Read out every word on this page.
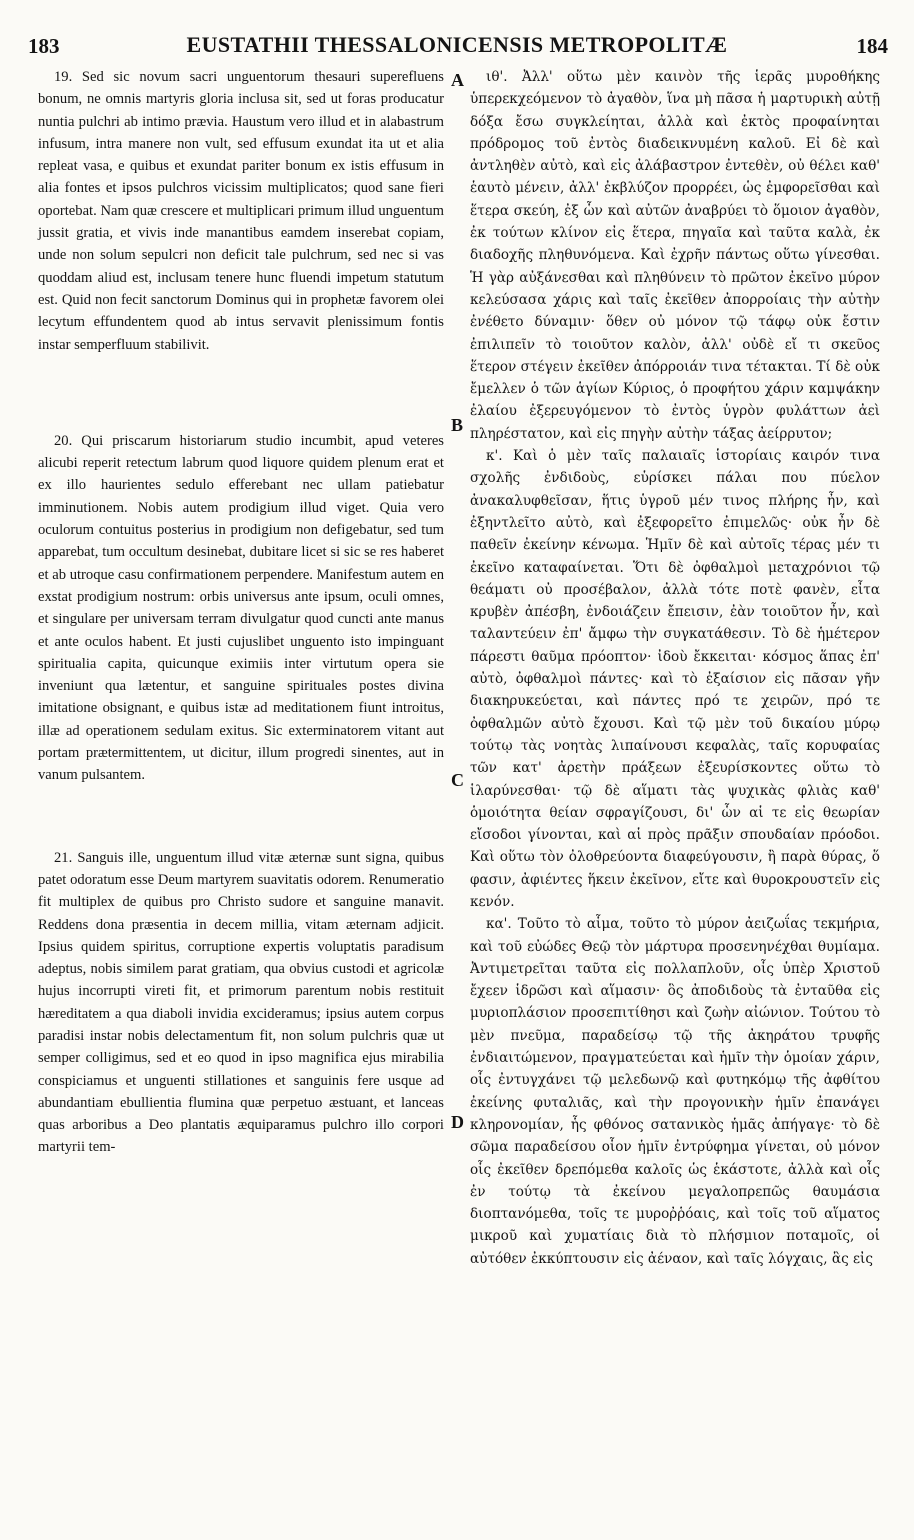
183	EUSTATHII THESSALONICENSIS METROPOLITÆ	184

19. Sed sic novum sacri unguentorum thesauri superefluens bonum, ne omnis martyris gloria inclusa sit, sed ut foras producatur nuntia pulchri ab intimo prævia. Haustum vero illud et in alabastrum infusum, intra manere non vult, sed effusum exundat ita ut et alia repleat vasa, e quibus et exundat pariter bonum ex istis effusum in alia fontes et ipsos pulchros vicissim multiplicatos; quod sane fieri oportebat. Nam quæ crescere et multiplicari primum illud unguentum jussit gratia, et vivis inde manantibus eamdem inserebat copiam, unde non solum sepulcri non deficit tale pulchrum, sed nec si vas quoddam aliud est, inclusam tenere hunc fluendi impetum statutum est. Quid non fecit sanctorum Dominus qui in prophetæ favorem olei lecytum effundentem quod ab intus servavit plenissimum fontis instar semperfluum stabilivit.

20. Qui priscarum historiarum studio incumbit, apud veteres alicubi reperit retectum labrum quod liquore quidem plenum erat et ex illo haurientes sedulo efferebant nec ullam patiebatur imminutionem. Nobis autem prodigium illud viget. Quia vero oculorum contuitus posterius in prodigium non defigebatur, sed tum apparebat, tum occultum desinebat, dubitare licet si sic se res haberet et ab utroque casu confirmationem perpendere. Manifestum autem en exstat prodigium nostrum: orbis universus ante ipsum, oculi omnes, et singulare per universam terram divulgatur quod cuncti ante manus et ante oculos habent. Et justi cujuslibet unguento isto impinguant spiritualia capita, quicunque eximiis inter virtutum opera sie inveniunt qua lætentur, et sanguine spirituales postes divina imitatione obsignant, e quibus istæ ad meditationem fiunt introitus, illæ ad operationem sedulam exitus. Sic exterminatorem vitant aut portam prætermittentem, ut dicitur, illum progredi sinentes, aut in vanum pulsantem.

21. Sanguis ille, unguentum illud vitæ æternæ sunt signa, quibus patet odoratum esse Deum martyrem suavitatis odorem. Renumeratio fit multiplex de quibus pro Christo sudore et sanguine manavit. Reddens dona præsentia in decem millia, vitam æternam adjicit. Ipsius quidem spiritus, corruptione expertis voluptatis paradisum adeptus, nobis similem parat gratiam, qua obvius custodi et agricolæ hujus incorrupti vireti fit, et primorum parentum nobis restituit hæreditatem a qua diaboli invidia excideramus; ipsius autem corpus paradisi instar nobis delectamentum fit, non solum pulchris quæ ut semper colligimus, sed et eo quod in ipso magnifica ejus mirabilia conspiciamus et unguenti stillationes et sanguinis fere usque ad abundantiam ebullientia flumina quæ perpetuo æstuant, et lanceas quas arboribus a Deo plantatis æquiparamus pulchro illo corpori martyrii tem-

A
B
C
D

ιθ'. Ἀλλ' οὕτω μὲν καινὸν τῆς ἱερᾶς μυροθήκης ὑπερεκχεόμενον τὸ ἀγαθὸν, ἵνα μὴ πᾶσα ἡ μαρτυρικὴ αὐτῇ δόξα ἔσω συγκλείηται, ἀλλὰ καὶ ἐκτὸς προφαίνηται πρόδρομος τοῦ ἐντὸς διαδεικνυμένη καλοῦ. Εἰ δὲ καὶ ἀντληθὲν αὐτὸ, καὶ εἰς ἀλάβαστρον ἐντεθὲν, οὐ θέλει καθ' ἑαυτὸ μένειν, ἀλλ' ἐκβλύζον προρρέει, ὡς ἐμφορεῖσθαι καὶ ἕτερα σκεύη, ἐξ ὧν καὶ αὐτῶν ἀναβρύει τὸ ὅμοιον ἀγαθὸν, ἐκ τούτων κλίνον εἰς ἕτερα, πηγαῖα καὶ ταῦτα καλὰ, ἐκ διαδοχῆς πληθυνόμενα. Καὶ ἐχρῆν πάντως οὕτω γίνεσθαι. Ἡ γὰρ αὐξάνεσθαι καὶ πληθύνειν τὸ πρῶτον ἐκεῖνο μύρον κελεύσασα χάρις καὶ ταῖς ἐκεῖθεν ἀπορροίαις τὴν αὐτὴν ἐνέθετο δύναμιν· ὅθεν οὐ μόνον τῷ τάφῳ οὐκ ἔστιν ἐπιλιπεῖν τὸ τοιοῦτον καλὸν, ἀλλ' οὐδὲ εἴ τι σκεῦος ἕτερον στέγειν ἐκεῖθεν ἀπόρροιάν τινα τέτακται. Τί δὲ οὐκ ἔμελλεν ὁ τῶν ἁγίων Κύριος, ὁ προφήτου χάριν καμψάκην ἐλαίου ἐξερευγόμενον τὸ ἐντὸς ὑγρὸν φυλάττων ἀεὶ πληρέστατον, καὶ εἰς πηγὴν αὐτὴν τάξας ἀείρρυτον;

κ'. Καὶ ὁ μὲν ταῖς παλαιαῖς ἱστορίαις καιρόν τινα σχολῆς ἐνδιδοὺς, εὑρίσκει πάλαι που πύελον ἀνακαλυφθεῖσαν, ἥτις ὑγροῦ μέν τινος πλήρης ἦν, καὶ ἐξηντλεῖτο αὐτὸ, καὶ ἐξεφορεῖτο ἐπιμελῶς· οὐκ ἦν δὲ παθεῖν ἐκείνην κένωμα. Ἡμῖν δὲ καὶ αὐτοῖς τέρας μέν τι ἐκεῖνο καταφαίνεται. Ὅτι δὲ ὀφθαλμοὶ μεταχρόνιοι τῷ θεάματι οὐ προσέβαλον, ἀλλὰ τότε ποτὲ φανὲν, εἶτα κρυβὲν ἀπέσβη, ἐνδοιάζειν ἔπεισιν, ἐὰν τοιοῦτον ἦν, καὶ ταλαντεύειν ἐπ' ἄμφω τὴν συγκατάθεσιν. Τὸ δὲ ἡμέτερον πάρεστι θαῦμα πρόοπτον· ἰδοὺ ἔκκειται· κόσμος ἅπας ἐπ' αὐτὸ, ὀφθαλμοὶ πάντες· καὶ τὸ ἐξαίσιον εἰς πᾶσαν γῆν διακηρυκεύεται, καὶ πάντες πρό τε χειρῶν, πρό τε ὀφθαλμῶν αὐτὸ ἔχουσι. Καὶ τῷ μὲν τοῦ δικαίου μύρῳ τούτῳ τὰς νοητὰς λιπαίνουσι κεφαλὰς, ταῖς κορυφαίας τῶν κατ' ἀρετὴν πράξεων ἐξευρίσκοντες οὕτω τὸ ἱλαρύνεσθαι· τῷ δὲ αἵματι τὰς ψυχικὰς φλιὰς καθ' ὁμοιότητα θείαν σφραγίζουσι, δι' ὧν αἱ τε εἰς θεωρίαν εἴσοδοι γίνονται, καὶ αἱ πρὸς πρᾶξιν σπουδαίαν πρόοδοι. Καὶ οὕτω τὸν ὀλοθρεύοντα διαφεύγουσιν, ἢ παρὰ θύρας, ὅ φασιν, ἀφιέντες ἥκειν ἐκεῖνον, εἴτε καὶ θυροκρουστεῖν εἰς κενόν.

κα'. Τοῦτο τὸ αἷμα, τοῦτο τὸ μύρον ἀειζωΐας τεκμήρια, καὶ τοῦ εὐώδες Θεῷ τὸν μάρτυρα προσενηνέχθαι θυμίαμα. Ἀντιμετρεῖται ταῦτα εἰς πολλαπλοῦν, οἷς ὑπὲρ Χριστοῦ ἔχεεν ἱδρῶσι καὶ αἵμασιν· ὃς ἀποδιδοὺς τὰ ἐνταῦθα εἰς μυριοπλάσιον προσεπιτίθησι καὶ ζωὴν αἰώνιον. Τούτου τὸ μὲν πνεῦμα, παραδείσῳ τῷ τῆς ἀκηράτου τρυφῆς ἐνδιαιτώμενον, πραγματεύεται καὶ ἡμῖν τὴν ὁμοίαν χάριν, οἷς ἐντυγχάνει τῷ μελεδωνῷ καὶ φυτηκόμῳ τῆς ἀφθίτου ἐκείνης φυταλιᾶς, καὶ τὴν προγονικὴν ἡμῖν ἐπανάγει κληρονομίαν, ἧς φθόνος σατανικὸς ἡμᾶς ἀπήγαγε· τὸ δὲ σῶμα παραδείσου οἷον ἡμῖν ἐντρύφημα γίνεται, οὐ μόνον οἷς ἐκεῖθεν δρεπόμεθα καλοῖς ὡς ἑκάστοτε, ἀλλὰ καὶ οἷς ἐν τούτῳ τὰ ἐκείνου μεγαλοπρεπῶς θαυμάσια διοπτανόμεθα, τοῖς τε μυροῤῥόαις, καὶ τοῖς τοῦ αἵματος μικροῦ καὶ χυματίαις διὰ τὸ πλήσμιον ποταμοῖς, οἱ αὐτόθεν ἐκκύπτουσιν εἰς ἀέναον, καὶ ταῖς λόγχαις, ἃς εἰς
